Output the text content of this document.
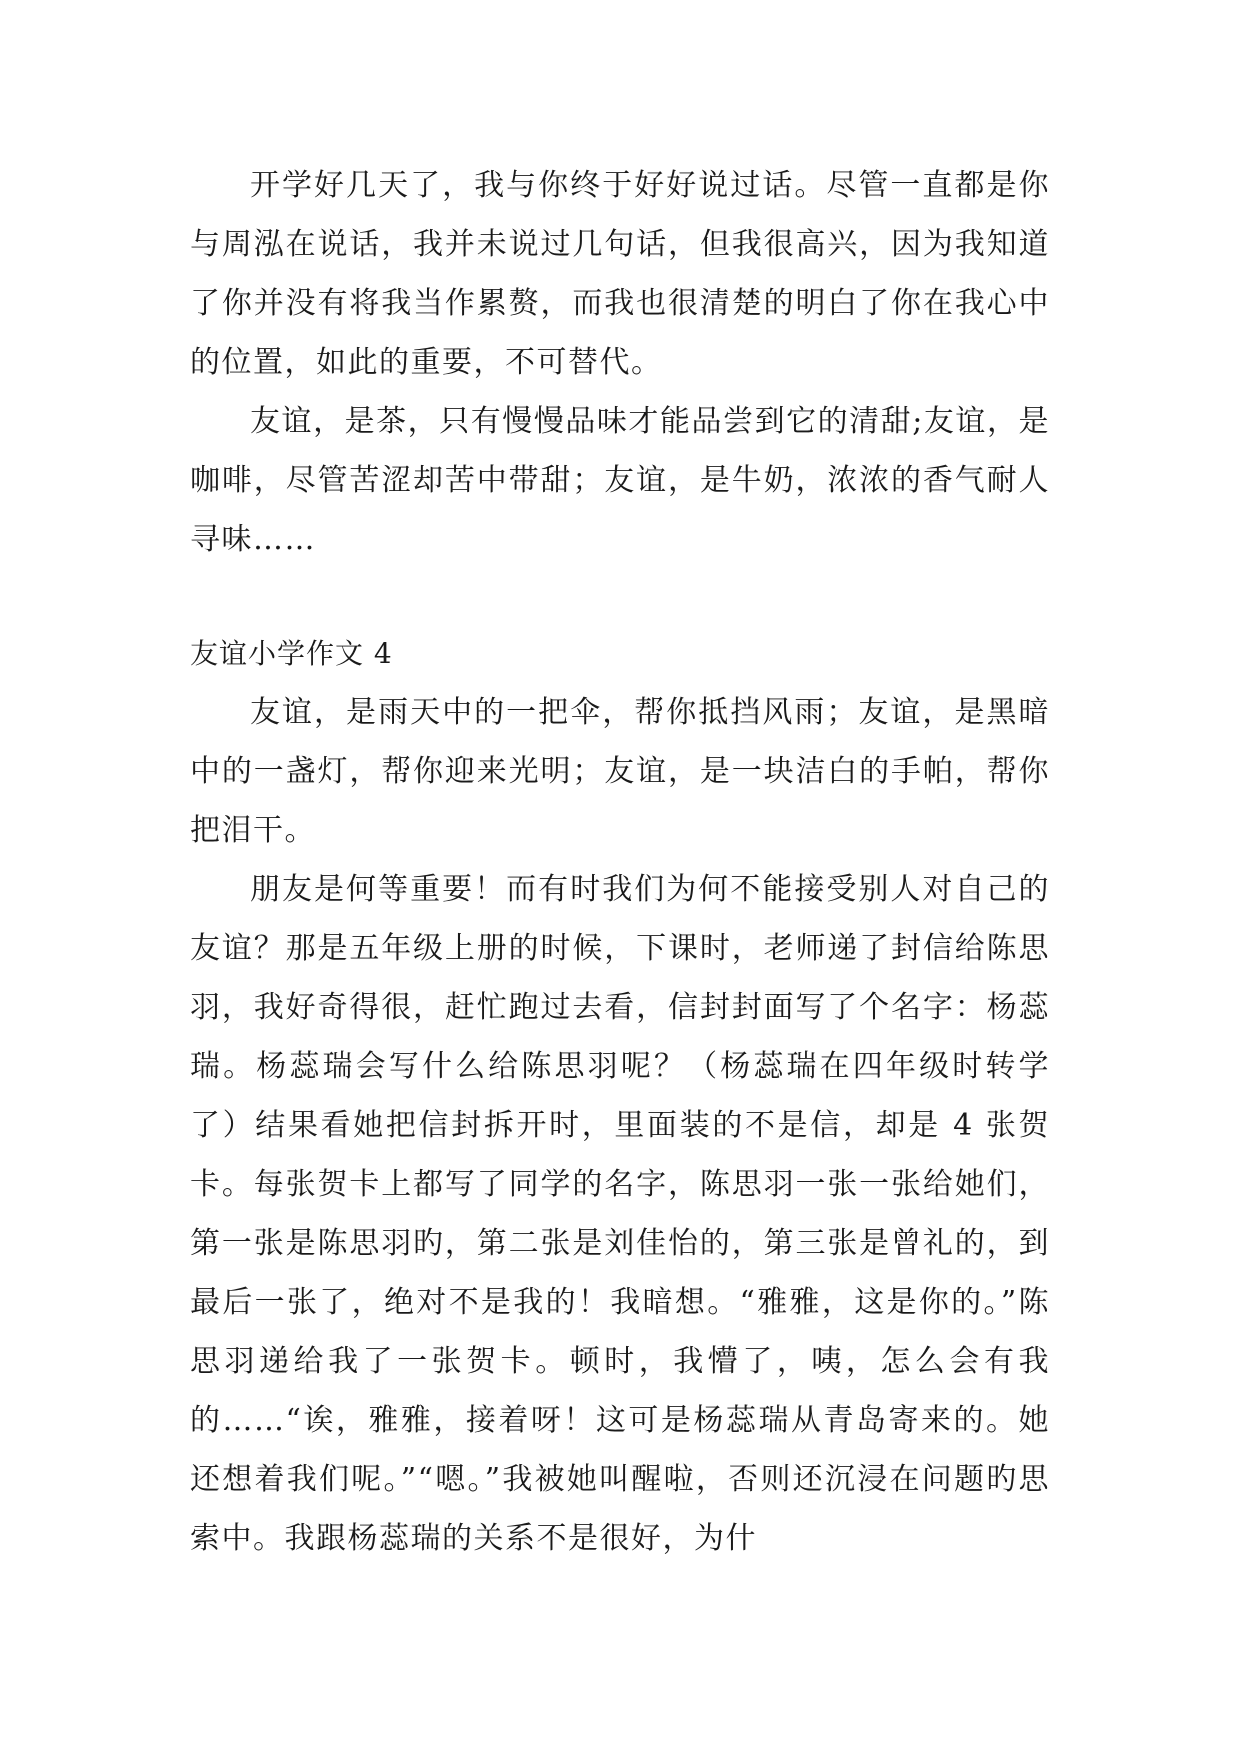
开学好几天了，我与你终于好好说过话。尽管一直都是你与周泓在说话，我并未说过几句话，但我很高兴，因为我知道了你并没有将我当作累赘，而我也很清楚的明白了你在我心中的位置，如此的重要，不可替代。

友谊，是茶，只有慢慢品味才能品尝到它的清甜;友谊，是咖啡，尽管苦涩却苦中带甜；友谊，是牛奶，浓浓的香气耐人寻味……

友谊小学作文 4

友谊，是雨天中的一把伞，帮你抵挡风雨；友谊，是黑暗中的一盏灯，帮你迎来光明；友谊，是一块洁白的手帕，帮你把泪干。

朋友是何等重要！而有时我们为何不能接受别人对自己的友谊？那是五年级上册的时候，下课时，老师递了封信给陈思羽，我好奇得很，赶忙跑过去看，信封封面写了个名字：杨蕊瑞。杨蕊瑞会写什么给陈思羽呢？（杨蕊瑞在四年级时转学了）结果看她把信封拆开时，里面装的不是信，却是 4 张贺卡。每张贺卡上都写了同学的名字，陈思羽一张一张给她们，第一张是陈思羽旳，第二张是刘佳怡的，第三张是曾礼的，到最后一张了，绝对不是我的！我暗想。“雅雅，这是你的。”陈思羽递给我了一张贺卡。顿时，我懵了，咦，怎么会有我的……“诶，雅雅，接着呀！这可是杨蕊瑞从青岛寄来的。她还想着我们呢。”“嗯。”我被她叫醒啦，否则还沉浸在问题旳思索中。我跟杨蕊瑞的关系不是很好，为什
